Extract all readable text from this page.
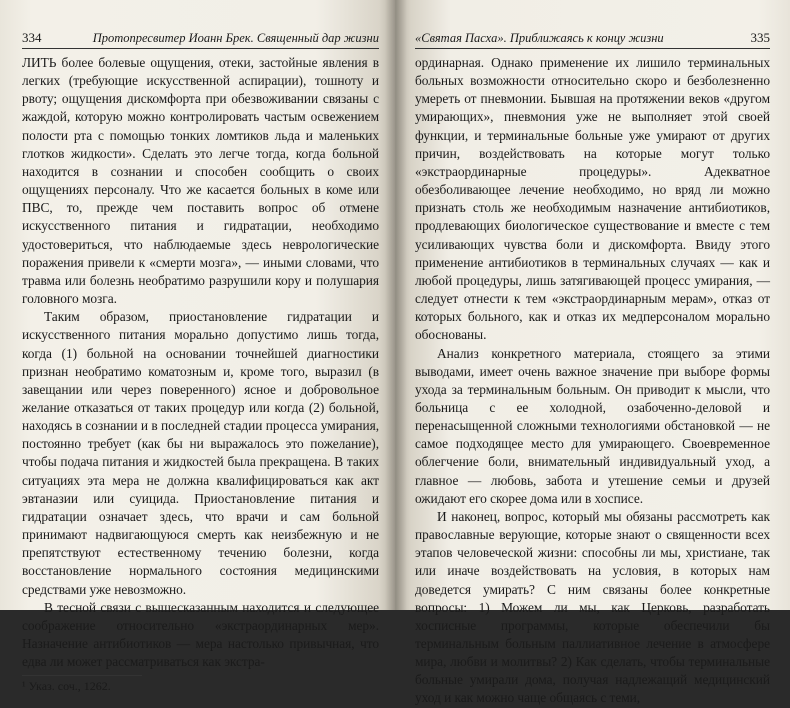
334	Протопресвитер Иоанн Брек. Священный дар жизни

ЛИТЬ более болевые ощущения, отеки, застойные явления в легких (требующие искусственной аспирации), тошноту и рвоту; ощущения дискомфорта при обезвоживании связаны с жаждой, которую можно контролировать частым освежением полости рта с помощью тонких ломтиков льда и маленьких глотков жидкости». Сделать это легче тогда, когда больной находится в сознании и способен сообщить о своих ощущениях персоналу. Что же касается больных в коме или ПВС, то, прежде чем поставить вопрос об отмене искусственного питания и гидратации, необходимо удостовериться, что наблюдаемые здесь неврологические поражения привели к «смерти мозга», — иными словами, что травма или болезнь необратимо разрушили кору и полушария головного мозга.

Таким образом, приостановление гидратации и искусственного питания морально допустимо лишь тогда, когда (1) больной на основании точнейшей диагностики признан необратимо коматозным и, кроме того, выразил (в завещании или через поверенного) ясное и добровольное желание отказаться от таких процедур или когда (2) больной, находясь в сознании и в последней стадии процесса умирания, постоянно требует (как бы ни выражалось это пожелание), чтобы подача питания и жидкостей была прекращена. В таких ситуациях эта мера не должна квалифицироваться как акт эвтаназии или суицида. Приостановление питания и гидратации означает здесь, что врачи и сам больной принимают надвигающуюся смерть как неизбежную и не препятствуют естественному течению болезни, когда восстановление нормального состояния медицинскими средствами уже невозможно.

В тесной связи с вышесказанным находится и следующее соображение относительно «экстраординарных мер». Назначение антибиотиков — мера настолько привычная, что едва ли может рассматриваться как экстра-

¹ Указ. соч., 1262.
«Святая Пасха». Приближаясь к концу жизни	335

ординарная. Однако применение их лишило терминальных больных возможности относительно скоро и безболезненно умереть от пневмонии. Бывшая на протяжении веков «другом умирающих», пневмония уже не выполняет этой своей функции, и терминальные больные уже умирают от других причин, воздействовать на которые могут только «экстраординарные процедуры». Адекватное обезболивающее лечение необходимо, но вряд ли можно признать столь же необходимым назначение антибиотиков, продлевающих биологическое существование и вместе с тем усиливающих чувства боли и дискомфорта. Ввиду этого применение антибиотиков в терминальных случаях — как и любой процедуры, лишь затягивающей процесс умирания, — следует отнести к тем «экстраординарным мерам», отказ от которых больного, как и отказ их медперсоналом морально обоснованы.

Анализ конкретного материала, стоящего за этими выводами, имеет очень важное значение при выборе формы ухода за терминальным больным. Он приводит к мысли, что больница с ее холодной, озабоченно-деловой и перенасыщенной сложными технологиями обстановкой — не самое подходящее место для умирающего. Своевременное облегчение боли, внимательный индивидуальный уход, а главное — любовь, забота и утешение семьи и друзей ожидают его скорее дома или в хосписе.

И наконец, вопрос, который мы обязаны рассмотреть как православные верующие, которые знают о священности всех этапов человеческой жизни: способны ли мы, христиане, так или иначе воздействовать на условия, в которых нам доведется умирать? С ним связаны более конкретные вопросы: 1) Можем ли мы, как Церковь, разработать хосписные программы, которые обеспечили бы терминальным больным паллиативное лечение в атмосфере мира, любви и молитвы? 2) Как сделать, чтобы терминальные больные умирали дома, получая надлежащий медицинский уход и как можно чаще общаясь с теми,
